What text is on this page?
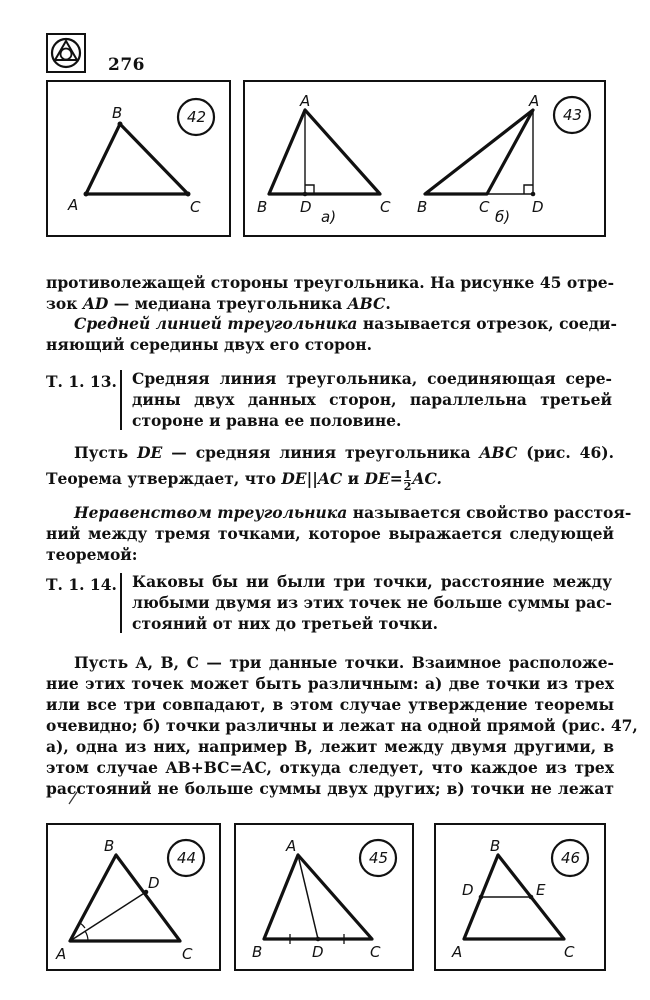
276
B
A	C
42
A
B D	C
а)
A
B	C	D
б)
43
противолежащей стороны треугольника. На рисунке 45 отре-
зок AD — медиана треугольника ABC.
Средней линией треугольника называется отрезок, соеди-
няющий середины двух его сторон.
Т. 1. 13. Средняя линия треугольника, соединяющая сере-
дины двух данных сторон, параллельна третьей
стороне и равна ее половине.
Пусть DE — средняя линия треугольника ABC (рис. 46).
Теорема утверждает, что DE||AC и $DE= \frac{1}{2}$ AC.
Неравенством треугольника называется свойство расстоя-
ний между тремя точками, которое выражается следующей
теоремой:
Т. 1. 14. Каковы бы ни были три точки, расстояние между
любыми двумя из этих точек не больше суммы рас-
стояний от них до третьей точки.
Пусть A, B, C — три данные точки. Взаимное расположе-
ние этих точек может быть различным: а) две точки из трех
или все три совпадают, в этом случае утверждение теоремы
очевидно; б) точки различны и лежат на одной прямой (рис. 47,
а), одна из них, например B, лежит между двумя другими, в
этом случае AB+BC=AC, откуда следует, что каждое из трех
расстояний не больше суммы двух других; в) точки не лежат
B
D
A	C
44
A
B	D	C
45
B
D	E
A	C
46
